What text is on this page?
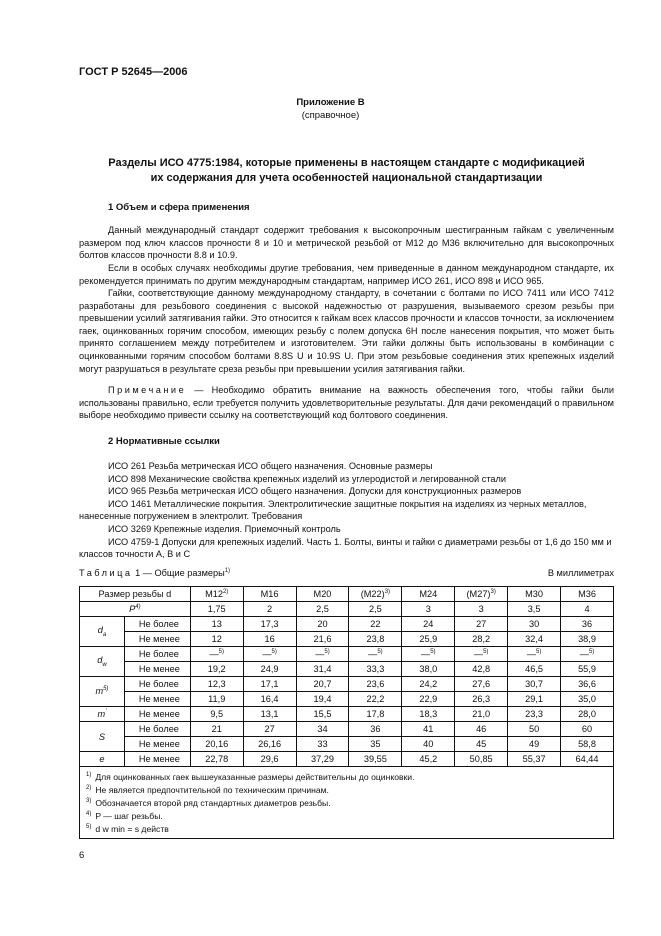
ГОСТ Р 52645—2006
Приложение В
(справочное)
Разделы ИСО 4775:1984, которые применены в настоящем стандарте с модификацией
их содержания для учета особенностей национальной стандартизации
1 Объем и сфера применения

Данный международный стандарт содержит требования к высокопрочным шестигранным гайкам с увеличенным размером под ключ классов прочности 8 и 10 и метрической резьбой от М12 до М36 включительно для высокопрочных болтов классов прочности 8.8 и 10.9.

Если в особых случаях необходимы другие требования, чем приведенные в данном международном стандарте, их рекомендуется принимать по другим международным стандартам, например ИСО 261, ИСО 898 и ИСО 965.

Гайки, соответствующие данному международному стандарту, в сочетании с болтами по ИСО 7411 или ИСО 7412 разработаны для резьбового соединения с высокой надежностью от разрушения, вызываемого срезом резьбы при превышении усилий затягивания гайки. Это относится к гайкам всех классов прочности и классов точности, за исключением гаек, оцинкованных горячим способом, имеющих резьбу с полем допуска 6Н после нанесения покрытия, что может быть принято соглашением между потребителем и изготовителем. Эти гайки должны быть использованы в комбинации с оцинкованными горячим способом болтами 8.8S U и 10.9S U. При этом резьбовые соединения этих крепежных изделий могут разрушаться в результате среза резьбы при превышении усилия затягивания гайки.

Примечание — Необходимо обратить внимание на важность обеспечения того, чтобы гайки были использованы правильно, если требуется получить удовлетворительные результаты. Для дачи рекомендаций о правильном выборе необходимо привести ссылку на соответствующий код болтового соединения.

2 Нормативные ссылки

ИСО 261 Резьба метрическая ИСО общего назначения. Основные размеры

ИСО 898 Механические свойства крепежных изделий из углеродистой и легированной стали

ИСО 965 Резьба метрическая ИСО общего назначения. Допуски для конструкционных размеров

ИСО 1461 Металлические покрытия. Электролитические защитные покрытия на изделиях из черных металлов, нанесенные погружением в электролит. Требования

ИСО 3269 Крепежные изделия. Приемочный контроль

ИСО 4759-1 Допуски для крепежных изделий. Часть 1. Болты, винты и гайки с диаметрами резьбы от 1,6 до 150 мм и классов точности А, В и С

Таблица 1 — Общие размеры$^{1)}$	В миллиметрах
Размер резьбы d		M12$^{2)}$	M16	M20	$(M22)^{3)}$	M24	$(M27)^{3)}$	M30	M36
$P^{4)}$		1,75	2	2,5	2,5	3	3	3,5	4
$d_a$	Не более	13	17,3	20	22	24	27	30	36
	Не менее	12	16	21,6	23,8	25,9	28,2	32,4	38,9
$d_w$	Не более	—$^{5)}$	—$^{5)}$	—$^{5)}$	—$^{5)}$	—$^{5)}$	—$^{5)}$	—$^{5)}$	—$^{5)}$
	Не менее	19,2	24,9	31,4	33,3	38,0	42,8	46,5	55,9
$m^{5)}$	Не более	12,3	17,1	20,7	23,6	24,2	27,6	30,7	36,6
	Не менее	11,9	16,4	19,4	22,2	22,9	26,3	29,1	35,0
m'	Не менее	9,5	13,1	15,5	17,8	18,3	21,0	23,3	28,0
S	Не более	21	27	34	36	41	46	50	60
	Не менее	20,16	26,16	33	35	40	45	49	58,8
e	Не менее	22,78	29,6	37,29	39,55	45,2	50,85	55,37	64,44

$^{1)}$ Для оцинкованных гаек вышеуказанные размеры действительны до оцинковки.
$^{2)}$ Не является предпочтительной по техническим причинам.
$^{3)}$ Обозначается второй ряд стандартных диаметров резьбы.
$^{4)}$ P — шаг резьбы.
$^{5)}$ d w min = s действ									
6
